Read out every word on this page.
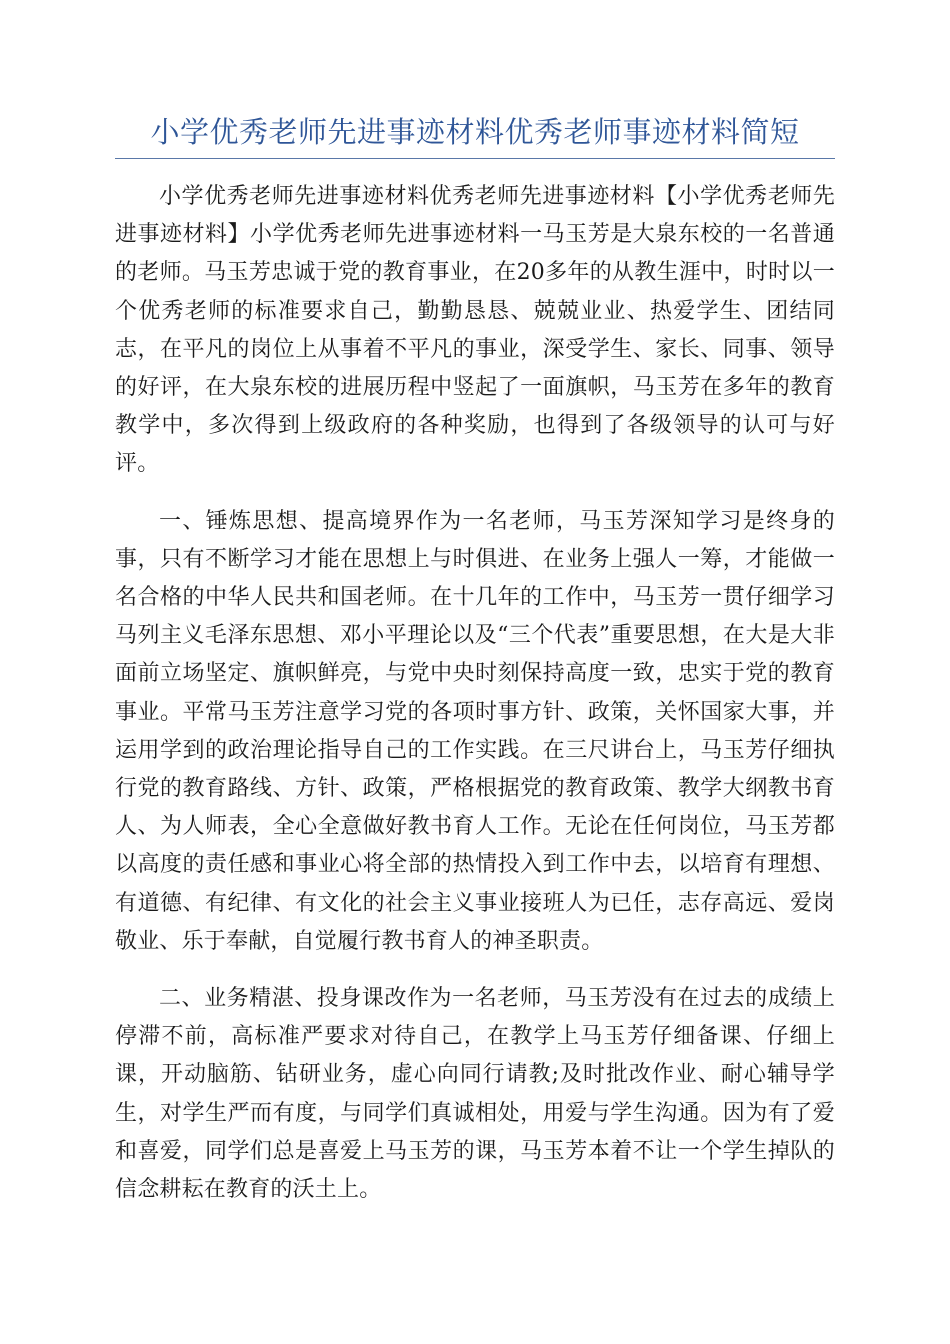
小学优秀老师先进事迹材料优秀老师事迹材料简短

小学优秀老师先进事迹材料优秀老师先进事迹材料【小学优秀老师先进事迹材料】小学优秀老师先进事迹材料一马玉芳是大泉东校的一名普通的老师。马玉芳忠诚于党的教育事业，在20多年的从教生涯中，时时以一个优秀老师的标准要求自己，勤勤恳恳、兢兢业业、热爱学生、团结同志，在平凡的岗位上从事着不平凡的事业，深受学生、家长、同事、领导的好评，在大泉东校的进展历程中竖起了一面旗帜，马玉芳在多年的教育教学中，多次得到上级政府的各种奖励，也得到了各级领导的认可与好评。

一、锤炼思想、提高境界作为一名老师，马玉芳深知学习是终身的事，只有不断学习才能在思想上与时俱进、在业务上强人一筹，才能做一名合格的中华人民共和国老师。在十几年的工作中，马玉芳一贯仔细学习马列主义毛泽东思想、邓小平理论以及“三个代表”重要思想，在大是大非面前立场坚定、旗帜鲜亮，与党中央时刻保持高度一致，忠实于党的教育事业。平常马玉芳注意学习党的各项时事方针、政策，关怀国家大事，并运用学到的政治理论指导自己的工作实践。在三尺讲台上，马玉芳仔细执行党的教育路线、方针、政策，严格根据党的教育政策、教学大纲教书育人、为人师表，全心全意做好教书育人工作。无论在任何岗位，马玉芳都以高度的责任感和事业心将全部的热情投入到工作中去，以培育有理想、有道德、有纪律、有文化的社会主义事业接班人为已任，志存高远、爱岗敬业、乐于奉献，自觉履行教书育人的神圣职责。

二、业务精湛、投身课改作为一名老师，马玉芳没有在过去的成绩上停滞不前，高标准严要求对待自己，在教学上马玉芳仔细备课、仔细上课，开动脑筋、钻研业务，虚心向同行请教;及时批改作业、耐心辅导学生，对学生严而有度，与同学们真诚相处，用爱与学生沟通。因为有了爱和喜爱，同学们总是喜爱上马玉芳的课，马玉芳本着不让一个学生掉队的信念耕耘在教育的沃土上。
